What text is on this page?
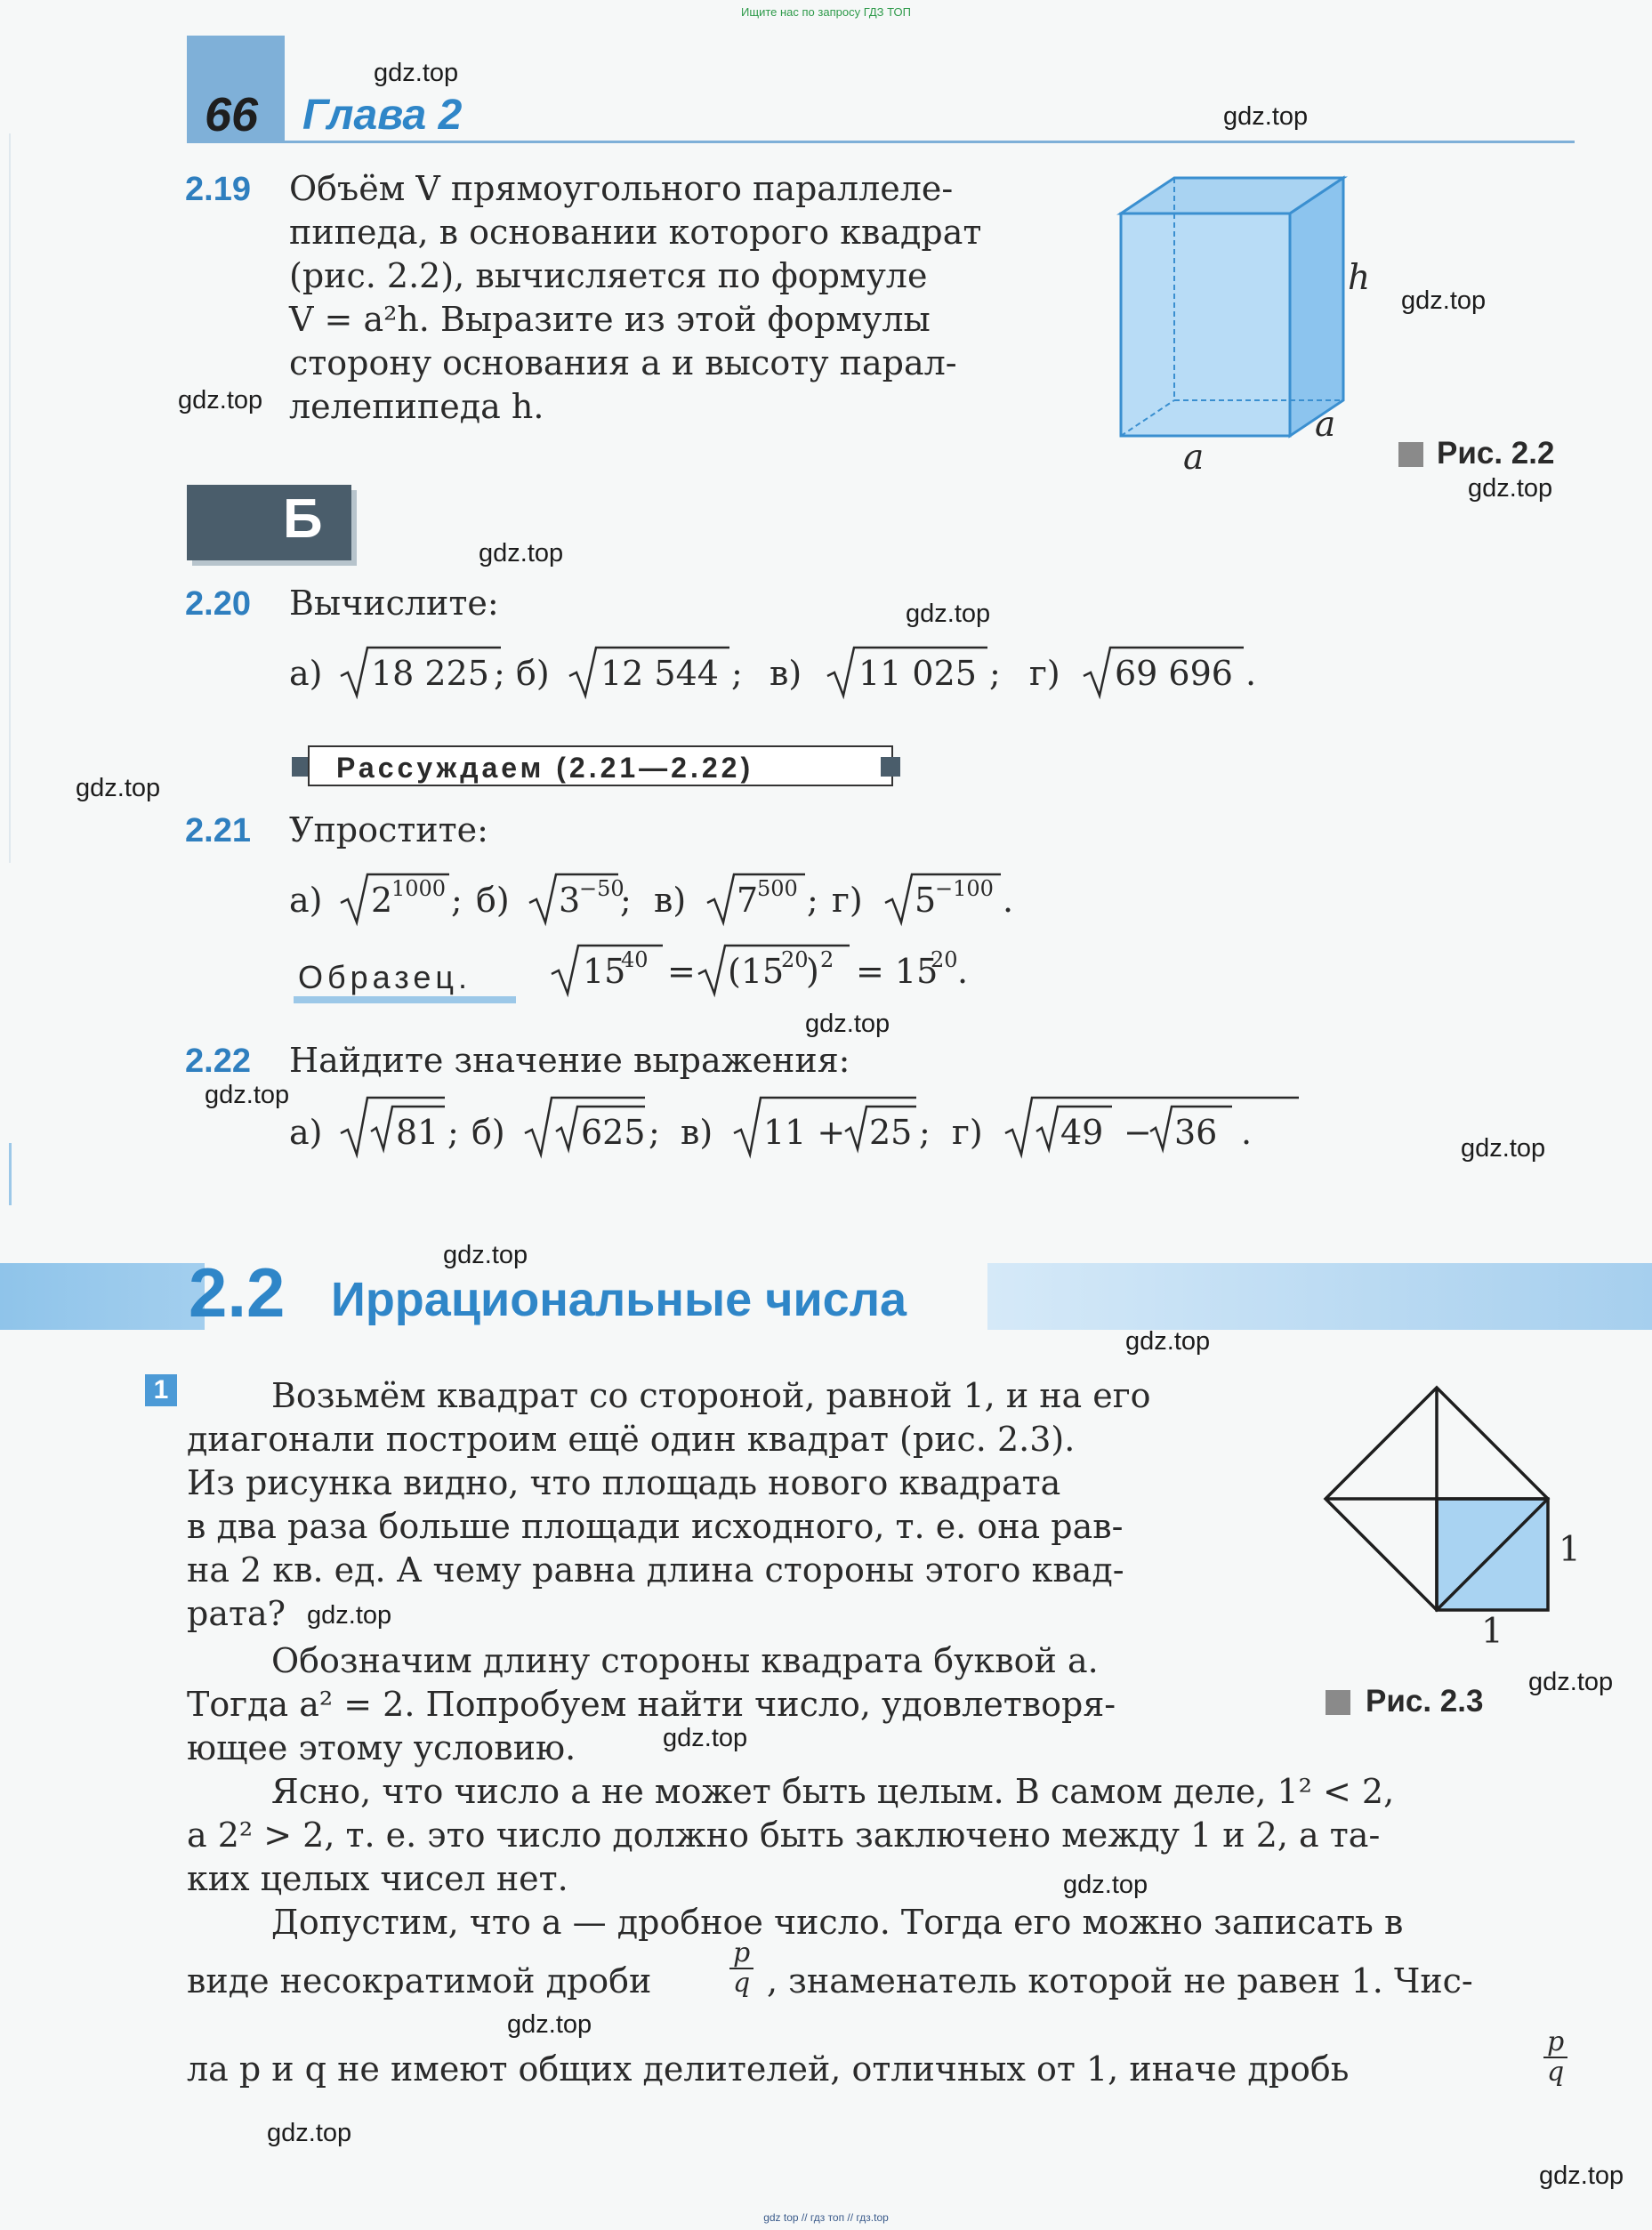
Ищите нас по запросу ГДЗ ТОП
66 Глава 2
2.19 Объём V прямоугольного параллеле-
пипеда, в основании которого квадрат
(рис. 2.2), вычисляется по формуле
V = a²h. Выразите из этой формулы
сторону основания a и высоту парал-
лелепипеда h.
h
a
a	Рис. 2.2
Б
2.20 Вычислите:
а) 18 225 ; б) 12 544 ; в) 11 025 ; г) 69 696 .
Рассуждаем (2.21—2.22)
2.21 Упростите:
а) 2
1000 ; б) 3
−50
; в) 7
500 ; г) 5
−100 .
Образец.	15
40 = (15
20
) 2 = 15
20 .
2.22 Найдите значение выражения:
а) 81 ; б) 625 ; в) 11 + 25 ; г) 49 − 36 .
2.2 Иррациональные числа
1	Возьмём квадрат со стороной, равной 1, и на его
диагонали построим ещё один квадрат (рис. 2.3).
Из рисунка видно, что площадь нового квадрата
в два раза больше площади исходного, т. е. она рав-
на 2 кв. ед. А чему равна длина стороны этого квад-
рата?
Обозначим длину стороны квадрата буквой a.
Тогда a² = 2. Попробуем найти число, удовлетворя-
ющее этому условию.
Ясно, что число a не может быть целым. В самом деле, 1² < 2,
а 2² > 2, т. е. это число должно быть заключено между 1 и 2, а та-
ких целых чисел нет.
Допустим, что a — дробное число. Тогда его можно записать в
виде несократимой дроби	$\frac{p}{q}$ , знаменатель которой не равен 1. Чис-
ла p и q не имеют общих делителей, отличных от 1, иначе дробь	$\frac{p}{q}$
1
1
Рис. 2.3
gdz.top
gdz.top
gdz.top
gdz.top
gdz.top
gdz.top
gdz.top
gdz.top
gdz.top
gdz.top
gdz.top
gdz.top
gdz.top
gdz.top
gdz.top
gdz.top
gdz.top
gdz.top
gdz.top
gdz.top
gdz top // гдз топ // гдз.top
